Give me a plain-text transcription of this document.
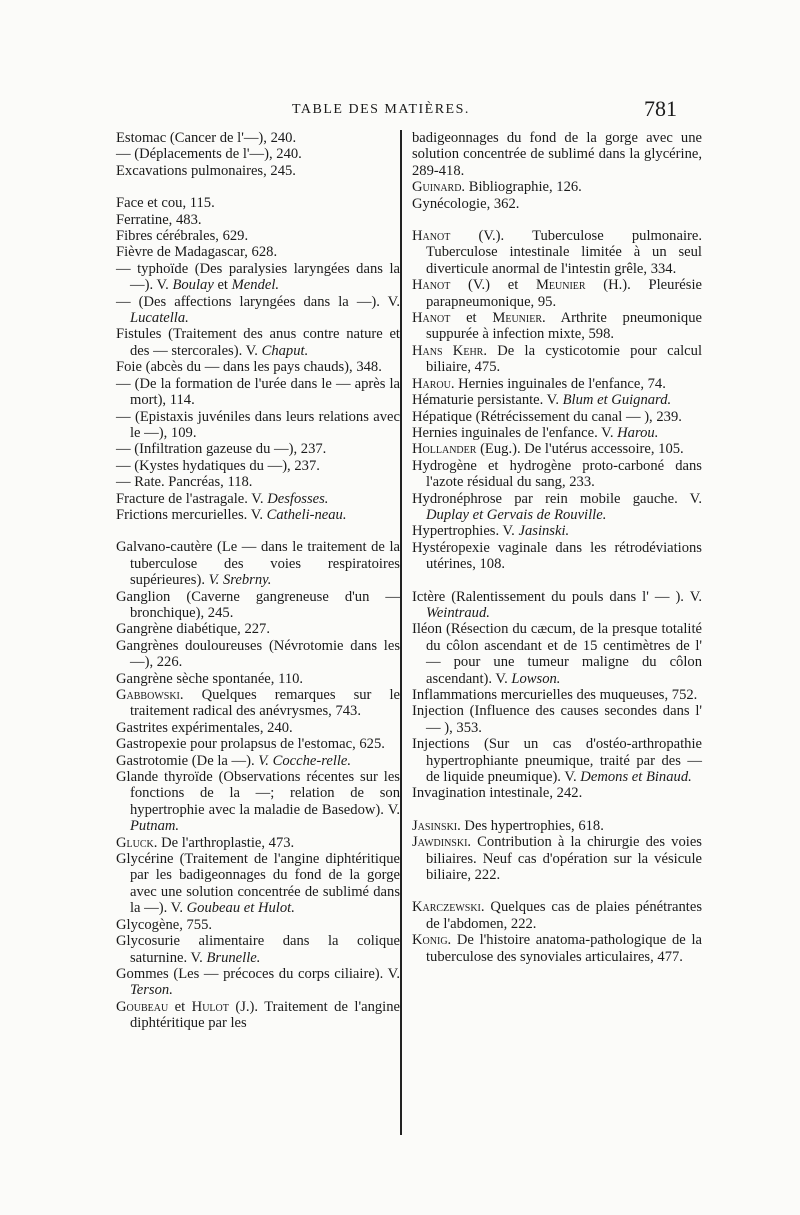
TABLE DES MATIÈRES.	781

Estomac (Cancer de l'—), 240.

— (Déplacements de l'—), 240.

Excavations pulmonaires, 245.

Face et cou, 115.

Ferratine, 483.

Fibres cérébrales, 629.

Fièvre de Madagascar, 628.

— typhoïde (Des paralysies laryngées dans la —). V. Boulay et Mendel.

— (Des affections laryngées dans la —). V. Lucatella.

Fistules (Traitement des anus contre nature et des — stercorales). V. Chaput.

Foie (abcès du — dans les pays chauds), 348.

— (De la formation de l'urée dans le — après la mort), 114.

— (Epistaxis juvéniles dans leurs relations avec le —), 109.

— (Infiltration gazeuse du —), 237.

— (Kystes hydatiques du —), 237.

— Rate. Pancréas, 118.

Fracture de l'astragale. V. Desfosses.

Frictions mercurielles. V. Catheli-neau.

Galvano-cautère (Le — dans le traitement de la tuberculose des voies respiratoires supérieures). V. Srebrny.

Ganglion (Caverne gangreneuse d'un — bronchique), 245.

Gangrène diabétique, 227.

Gangrènes douloureuses (Névrotomie dans les —), 226.

Gangrène sèche spontanée, 110.

Gabbowski. Quelques remarques sur le traitement radical des anévrysmes, 743.

Gastrites expérimentales, 240.

Gastropexie pour prolapsus de l'estomac, 625.

Gastrotomie (De la —). V. Cocche-relle.

Glande thyroïde (Observations récentes sur les fonctions de la —; relation de son hypertrophie avec la maladie de Basedow). V. Putnam.

Gluck. De l'arthroplastie, 473.

Glycérine (Traitement de l'angine diphtéritique par les badigeonnages du fond de la gorge avec une solution concentrée de sublimé dans la —). V. Goubeau et Hulot.

Glycogène, 755.

Glycosurie alimentaire dans la colique saturnine. V. Brunelle.

Gommes (Les — précoces du corps ciliaire). V. Terson.

Goubeau et Hulot (J.). Traitement de l'angine diphtéritique par les

badigeonnages du fond de la gorge avec une solution concentrée de sublimé dans la glycérine, 289-418.

Guinard. Bibliographie, 126.

Gynécologie, 362.

Hanot (V.). Tuberculose pulmonaire. Tuberculose intestinale limitée à un seul diverticule anormal de l'intestin grêle, 334.

Hanot (V.) et Meunier (H.). Pleurésie parapneumonique, 95.

Hanot et Meunier. Arthrite pneumonique suppurée à infection mixte, 598.

Hans Kehr. De la cysticotomie pour calcul biliaire, 475.

Harou. Hernies inguinales de l'enfance, 74.

Hématurie persistante. V. Blum et Guignard.

Hépatique (Rétrécissement du canal — ), 239.

Hernies inguinales de l'enfance. V. Harou.

Hollander (Eug.). De l'utérus accessoire, 105.

Hydrogène et hydrogène proto-carboné dans l'azote résidual du sang, 233.

Hydronéphrose par rein mobile gauche. V. Duplay et Gervais de Rouville.

Hypertrophies. V. Jasinski.

Hystéropexie vaginale dans les rétrodéviations utérines, 108.

Ictère (Ralentissement du pouls dans l' — ). V. Weintraud.

Iléon (Résection du cæcum, de la presque totalité du côlon ascendant et de 15 centimètres de l' — pour une tumeur maligne du côlon ascendant). V. Lowson.

Inflammations mercurielles des muqueuses, 752.

Injection (Influence des causes secondes dans l' — ), 353.

Injections (Sur un cas d'ostéo-arthropathie hypertrophiante pneumique, traité par des — de liquide pneumique). V. Demons et Binaud.

Invagination intestinale, 242.

Jasinski. Des hypertrophies, 618.

Jawdinski. Contribution à la chirurgie des voies biliaires. Neuf cas d'opération sur la vésicule biliaire, 222.

Karczewski. Quelques cas de plaies pénétrantes de l'abdomen, 222.

Konig. De l'histoire anatoma-pathologique de la tuberculose des synoviales articulaires, 477.
